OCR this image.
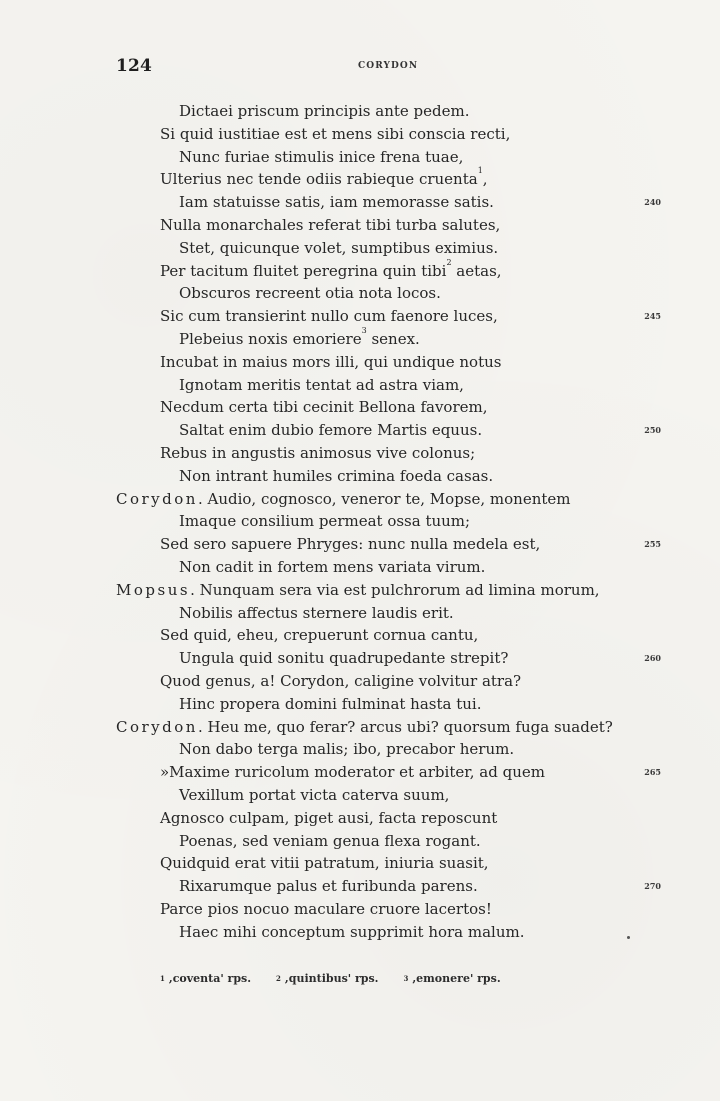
124	CORYDON
Dictaei priscum principis ante pedem.
Si quid iustitiae est et mens sibi conscia recti,
Nunc furiae stimulis inice frena tuae,
Ulterius nec tende odiis rabieque cruenta$^1$,
Iam statuisse satis, iam memorasse satis.	240
Nulla monarchales referat tibi turba salutes,
Stet, quicunque volet, sumptibus eximius.
Per tacitum fluitet peregrina quin tibi$^2$ aetas,
Obscuros recreent otia nota locos.
Sic cum transierint nullo cum faenore luces,	245
Plebeius noxis emoriere$^3$ senex.
Incubat in maius mors illi, qui undique notus
Ignotam meritis tentat ad astra viam,
Necdum certa tibi cecinit Bellona favorem,
Saltat enim dubio femore Martis equus.	250
Rebus in angustis animosus vive colonus;
Non intrant humiles crimina foeda casas.
Corydon. Audio, cognosco, veneror te, Mopse, monentem
Imaque consilium permeat ossa tuum;
Sed sero sapuere Phryges: nunc nulla medela est,	255
Non cadit in fortem mens variata virum.
Mopsus. Nunquam sera via est pulchrorum ad limina morum,
Nobilis affectus sternere laudis erit.
Sed quid, eheu, crepuerunt cornua cantu,
Ungula quid sonitu quadrupedante strepit?	260
Quod genus, a! Corydon, caligine volvitur atra?
Hinc propera domini fulminat hasta tui.
Corydon. Heu me, quo ferar? arcus ubi? quorsum fuga suadet?
Non dabo terga malis; ibo, precabor herum.
»Maxime ruricolum moderator et arbiter, ad quem	265
Vexillum portat victa caterva suum,
Agnosco culpam, piget ausi, facta reposcunt
Poenas, sed veniam genua flexa rogant.
Quidquid erat vitii patratum, iniuria suasit,
Rixarumque palus et furibunda parens.	270
Parce pios nocuo maculare cruore lacertos!
Haec mihi conceptum supprimit hora malum.
1 ,coventa' rps.	2 ,quintibus' rps.	3 ,emonere' rps.
